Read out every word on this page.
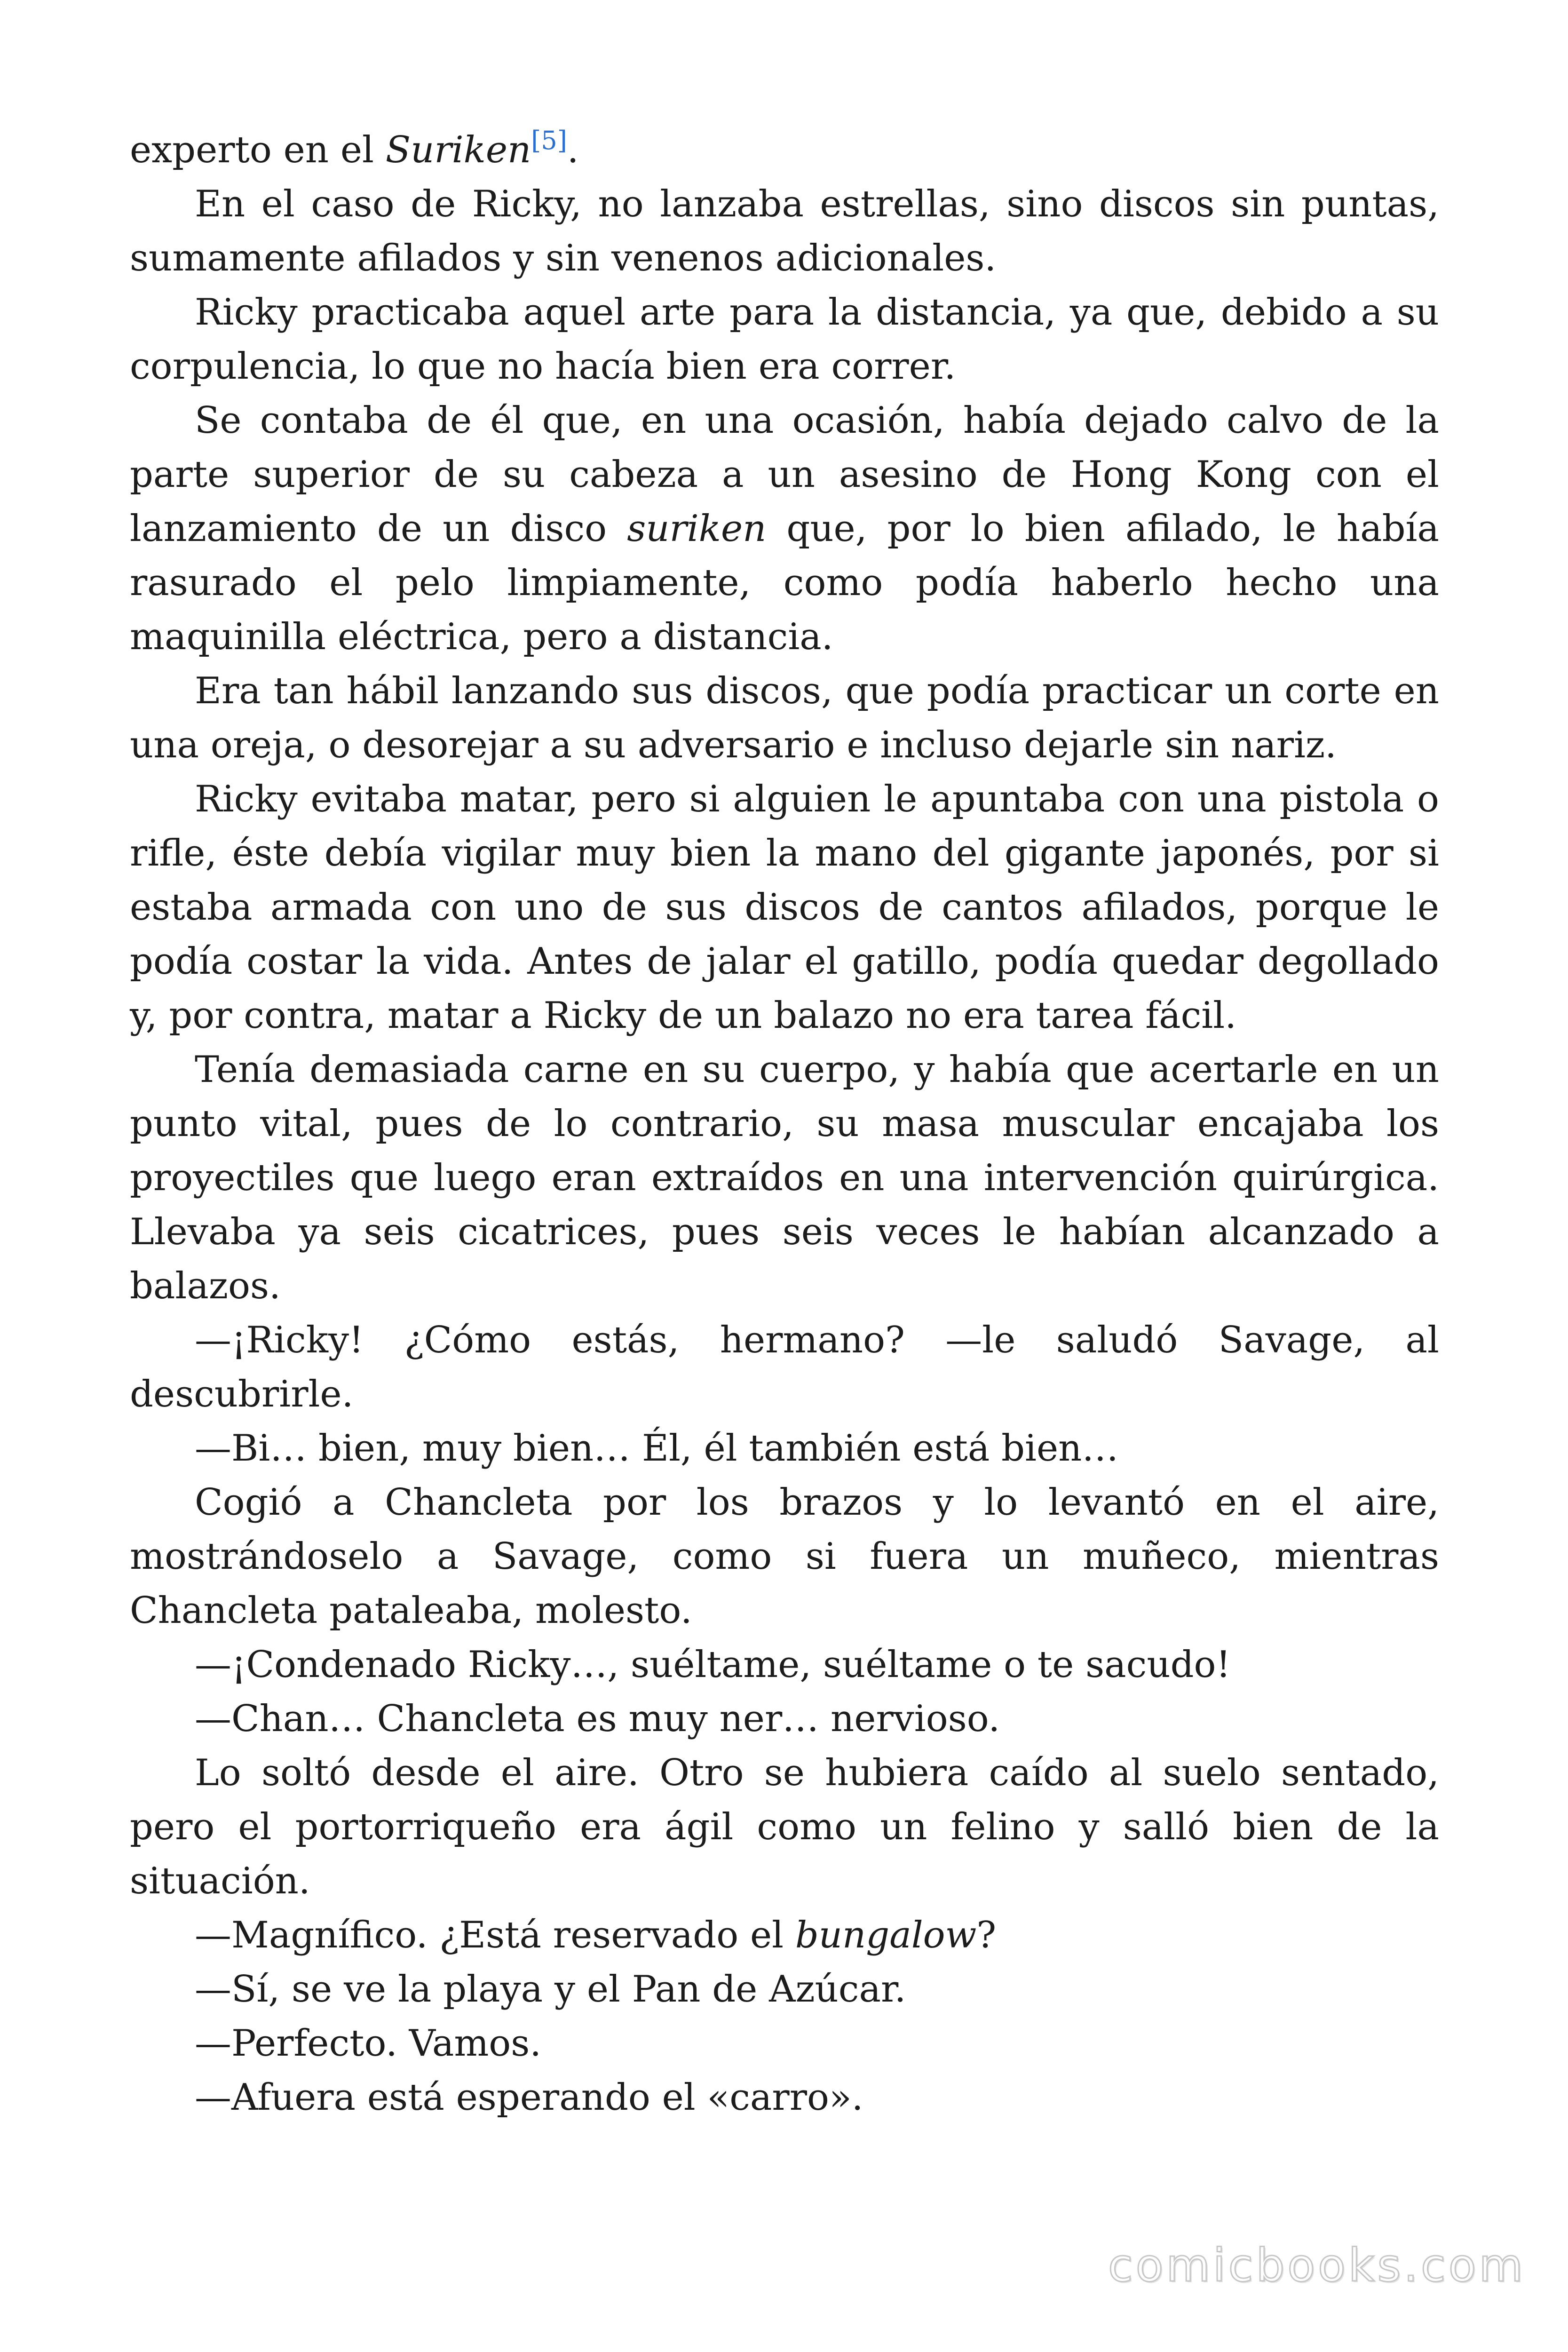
experto en el Suriken[5].

En el caso de Ricky, no lanzaba estrellas, sino discos sin puntas, sumamente afilados y sin venenos adicionales.

Ricky practicaba aquel arte para la distancia, ya que, debido a su corpulencia, lo que no hacía bien era correr.

Se contaba de él que, en una ocasión, había dejado calvo de la parte superior de su cabeza a un asesino de Hong Kong con el lanzamiento de un disco suriken que, por lo bien afilado, le había rasurado el pelo limpiamente, como podía haberlo hecho una maquinilla eléctrica, pero a distancia.

Era tan hábil lanzando sus discos, que podía practicar un corte en una oreja, o desorejar a su adversario e incluso dejarle sin nariz.

Ricky evitaba matar, pero si alguien le apuntaba con una pistola o rifle, éste debía vigilar muy bien la mano del gigante japonés, por si estaba armada con uno de sus discos de cantos afilados, porque le podía costar la vida. Antes de jalar el gatillo, podía quedar degollado y, por contra, matar a Ricky de un balazo no era tarea fácil.

Tenía demasiada carne en su cuerpo, y había que acertarle en un punto vital, pues de lo contrario, su masa muscular encajaba los proyectiles que luego eran extraídos en una intervención quirúrgica. Llevaba ya seis cicatrices, pues seis veces le habían alcanzado a balazos.

—¡Ricky! ¿Cómo estás, hermano? —le saludó Savage, al descubrirle.

—Bi… bien, muy bien… Él, él también está bien…

Cogió a Chancleta por los brazos y lo levantó en el aire, mostrándoselo a Savage, como si fuera un muñeco, mientras Chancleta pataleaba, molesto.

—¡Condenado Ricky…, suéltame, suéltame o te sacudo!

—Chan… Chancleta es muy ner… nervioso.

Lo soltó desde el aire. Otro se hubiera caído al suelo sentado, pero el portorriqueño era ágil como un felino y salló bien de la situación.

—Magnífico. ¿Está reservado el bungalow?

—Sí, se ve la playa y el Pan de Azúcar.

—Perfecto. Vamos.

—Afuera está esperando el «carro».

comicbooks.com
